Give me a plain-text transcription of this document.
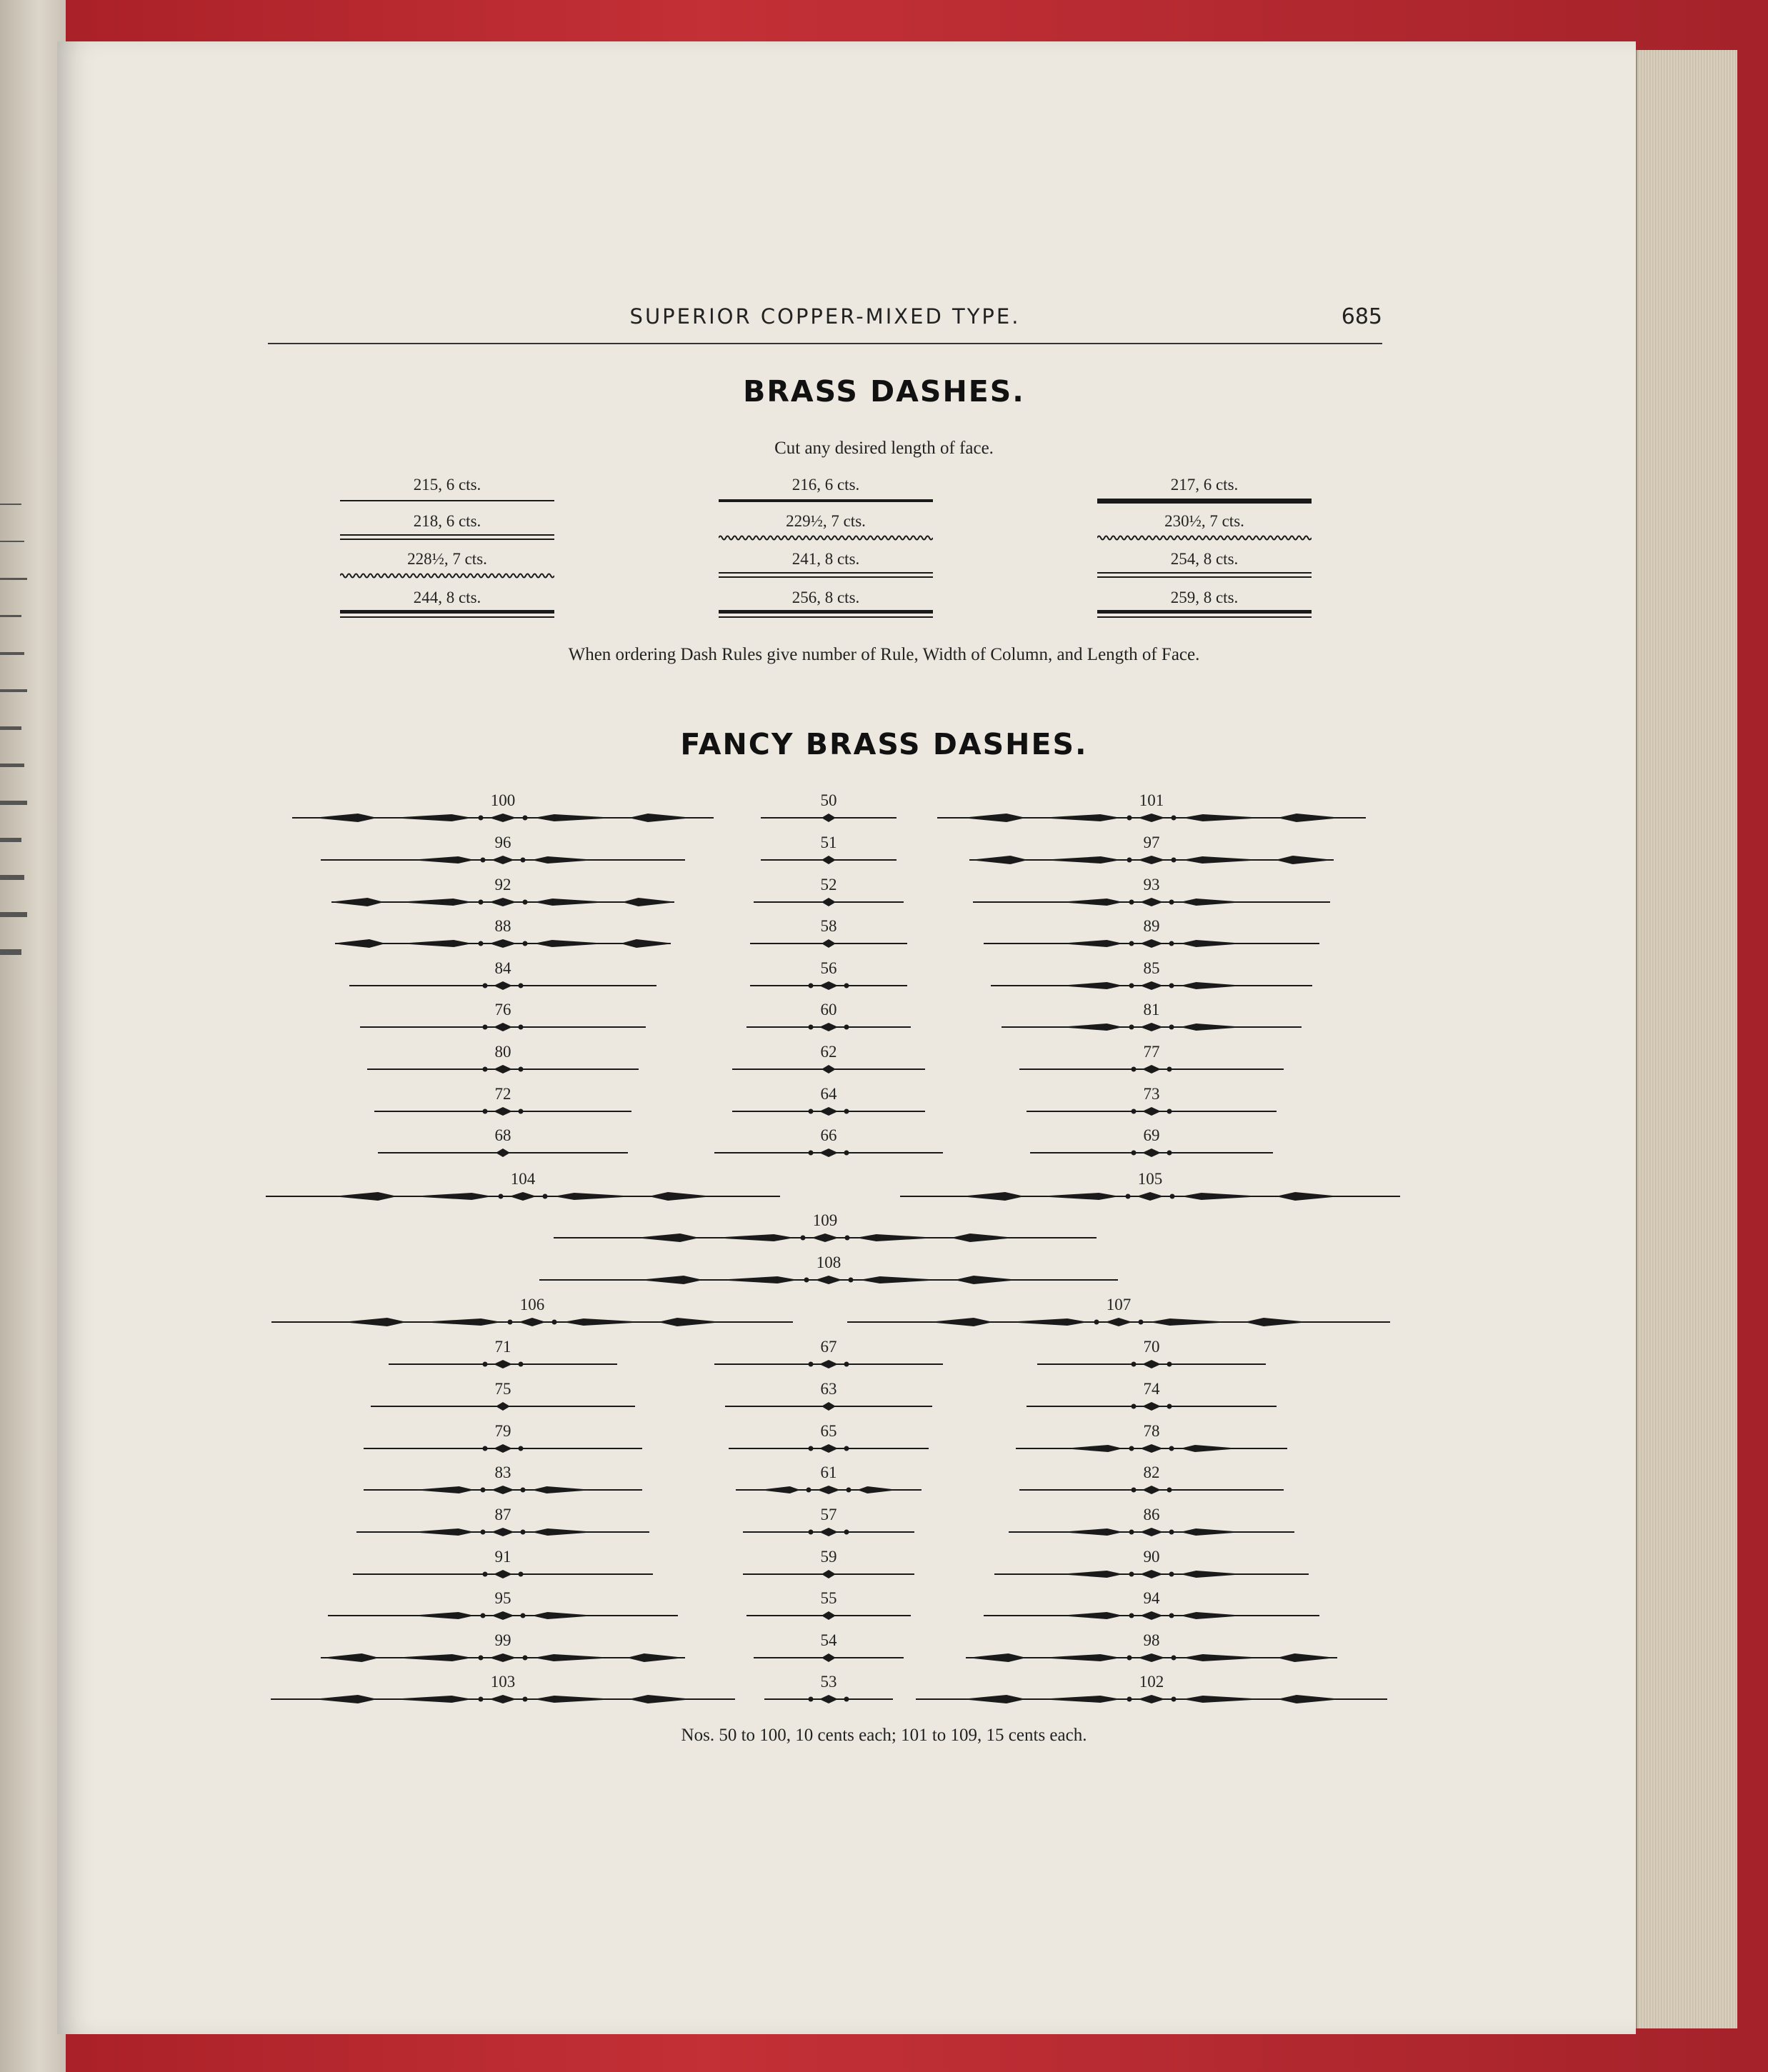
SUPERIOR COPPER-MIXED TYPE.	685
BRASS DASHES.
Cut any desired length of face.
215, 6 cts.	216, 6 cts.	217, 6 cts.
218, 6 cts.	229½, 7 cts.	230½, 7 cts.
228½, 7 cts.	241, 8 cts.	254, 8 cts.
244, 8 cts.	256, 8 cts.	259, 8 cts.
When ordering Dash Rules give number of Rule, Width of Column, and Length of Face.
FANCY BRASS DASHES.
100	50	101
96	51	97
92	52	93
88	58	89
84	56	85
76	60	81
80	62	77
72	64	73
68	66	69
104	105
109
108
106	107
71	67	70
75	63	74
79	65	78
83	61	82
87	57	86
91	59	90
95	55	94
99	54	98
103	53	102
Nos. 50 to 100, 10 cents each; 101 to 109, 15 cents each.
